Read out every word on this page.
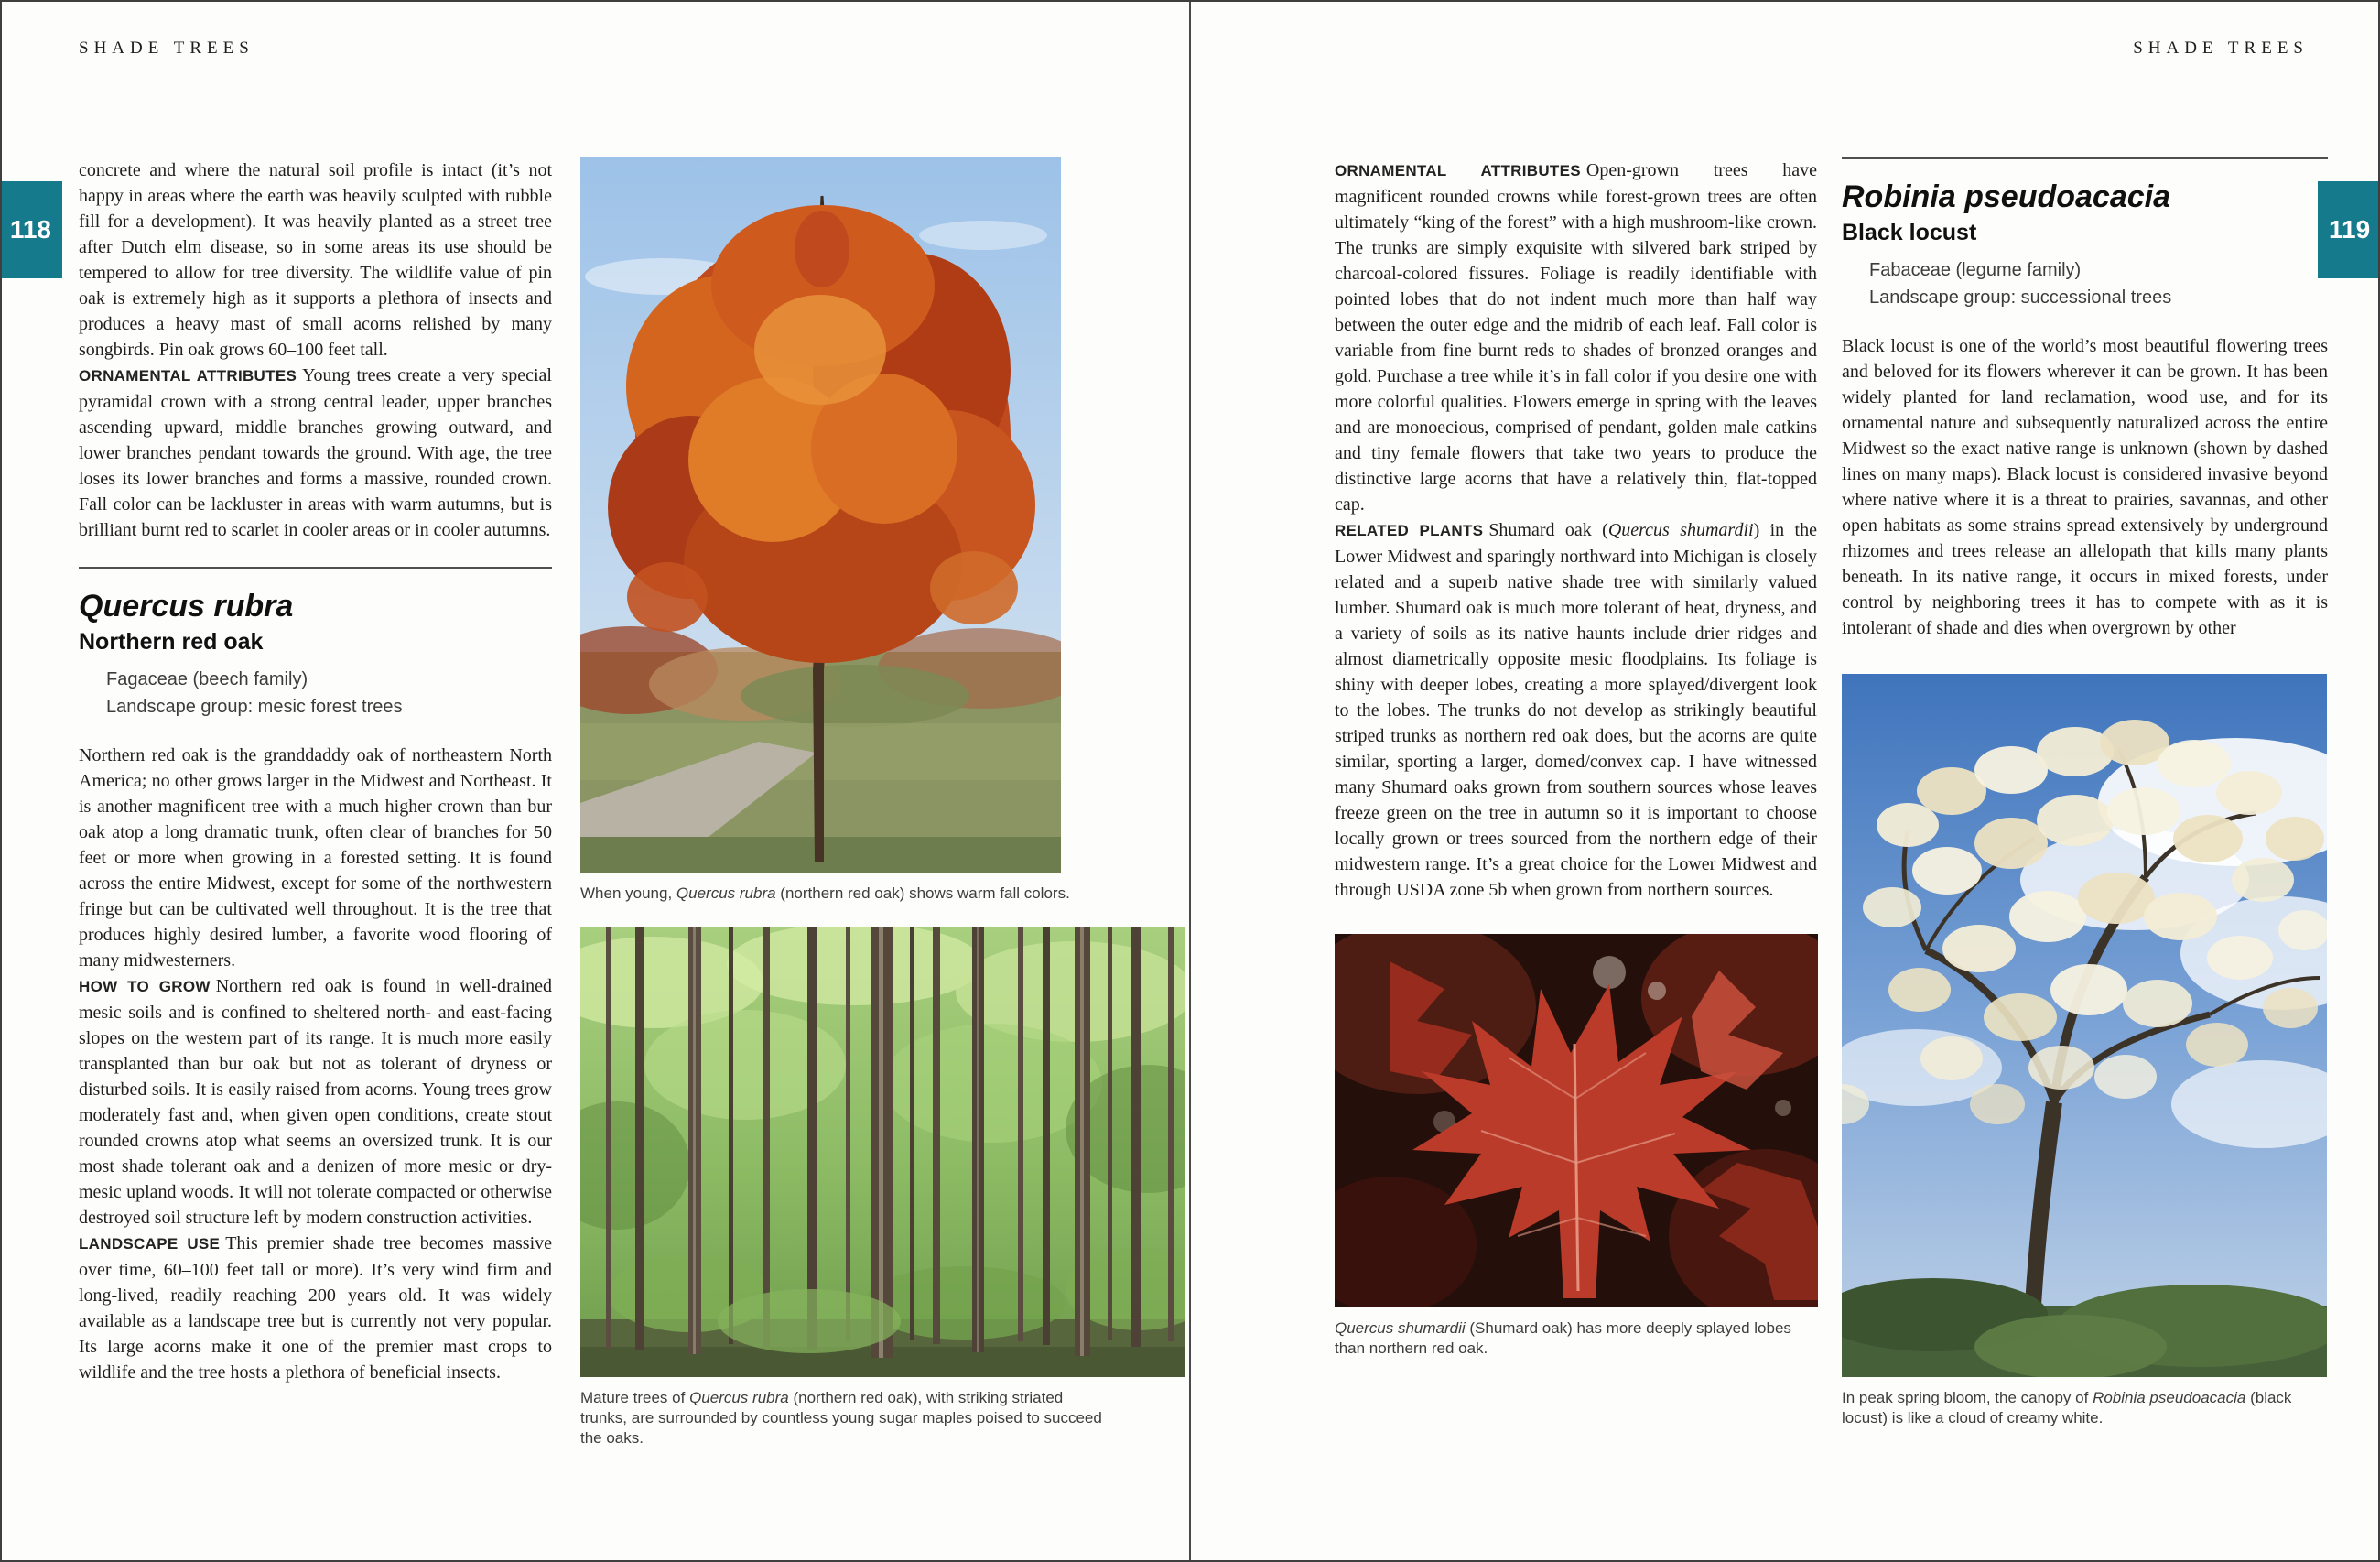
SHADE TREES	SHADE TREES
118	119

concrete and where the natural soil profile is intact (it’s not happy in areas where the earth was heavily sculpted with rubble fill for a development). It was heavily planted as a street tree after Dutch elm disease, so in some areas its use should be tempered to allow for tree diversity. The wildlife value of pin oak is extremely high as it supports a plethora of insects and produces a heavy mast of small acorns relished by many songbirds. Pin oak grows 60–100 feet tall.

ORNAMENTAL ATTRIBUTES Young trees create a very special pyramidal crown with a strong central leader, upper branches ascending upward, middle branches growing outward, and lower branches pendant towards the ground. With age, the tree loses its lower branches and forms a massive, rounded crown. Fall color can be lackluster in areas with warm autumns, but is brilliant burnt red to scarlet in cooler areas or in cooler autumns.

Quercus rubra
Northern red oak

Fagaceae (beech family)

Landscape group: mesic forest trees

Northern red oak is the granddaddy oak of northeastern North America; no other grows larger in the Midwest and Northeast. It is another magnificent tree with a much higher crown than bur oak atop a long dramatic trunk, often clear of branches for 50 feet or more when growing in a forested setting. It is found across the entire Midwest, except for some of the northwestern fringe but can be cultivated well throughout. It is the tree that produces highly desired lumber, a favorite wood flooring of many midwesterners.

HOW TO GROW Northern red oak is found in well-drained mesic soils and is confined to sheltered north- and east-facing slopes on the western part of its range. It is much more easily transplanted than bur oak but not as tolerant of dryness or disturbed soils. It is easily raised from acorns. Young trees grow moderately fast and, when given open conditions, create stout rounded crowns atop what seems an oversized trunk. It is our most shade tolerant oak and a denizen of more mesic or dry-mesic upland woods. It will not tolerate compacted or otherwise destroyed soil structure left by modern construction activities.

LANDSCAPE USE This premier shade tree becomes massive over time, 60–100 feet tall or more). It’s very wind firm and long-lived, readily reaching 200 years old. It was widely available as a landscape tree but is currently not very popular. Its large acorns make it one of the premier mast crops to wildlife and the tree hosts a plethora of beneficial insects.

When young, Quercus rubra (northern red oak) shows warm fall colors.
Mature trees of Quercus rubra (northern red oak), with striking striated trunks, are surrounded by countless young sugar maples poised to succeed the oaks.

ORNAMENTAL ATTRIBUTES Open-grown trees have magnificent rounded crowns while forest-grown trees are often ultimately “king of the forest” with a high mushroom-like crown. The trunks are simply exquisite with silvered bark striped by charcoal-colored fissures. Foliage is readily identifiable with pointed lobes that do not indent much more than half way between the outer edge and the midrib of each leaf. Fall color is variable from fine burnt reds to shades of bronzed oranges and gold. Purchase a tree while it’s in fall color if you desire one with more colorful qualities. Flowers emerge in spring with the leaves and are monoecious, comprised of pendant, golden male catkins and tiny female flowers that take two years to produce the distinctive large acorns that have a relatively thin, flat-topped cap.

RELATED PLANTS Shumard oak (Quercus shumardii) in the Lower Midwest and sparingly northward into Michigan is closely related and a superb native shade tree with similarly valued lumber. Shumard oak is much more tolerant of heat, dryness, and a variety of soils as its native haunts include drier ridges and almost diametrically opposite mesic floodplains. Its foliage is shiny with deeper lobes, creating a more splayed/divergent look to the lobes. The trunks do not develop as strikingly beautiful striped trunks as northern red oak does, but the acorns are quite similar, sporting a larger, domed/convex cap. I have witnessed many Shumard oaks grown from southern sources whose leaves freeze green on the tree in autumn so it is important to choose locally grown or trees sourced from the northern edge of their midwestern range. It’s a great choice for the Lower Midwest and through USDA zone 5b when grown from northern sources.

Quercus shumardii (Shumard oak) has more deeply splayed lobes than northern red oak.
Robinia pseudoacacia
Black locust

Fabaceae (legume family)

Landscape group: successional trees

Black locust is one of the world’s most beautiful flowering trees and beloved for its flowers wherever it can be grown. It has been widely planted for land reclamation, wood use, and for its ornamental nature and subsequently naturalized across the entire Midwest so the exact native range is unknown (shown by dashed lines on many maps). Black locust is considered invasive beyond where native where it is a threat to prairies, savannas, and other open habitats as some strains spread extensively by underground rhizomes and trees release an allelopath that kills many plants beneath. In its native range, it occurs in mixed forests, under control by neighboring trees it has to compete with as it is intolerant of shade and dies when overgrown by other

In peak spring bloom, the canopy of Robinia pseudoacacia (black locust) is like a cloud of creamy white.
